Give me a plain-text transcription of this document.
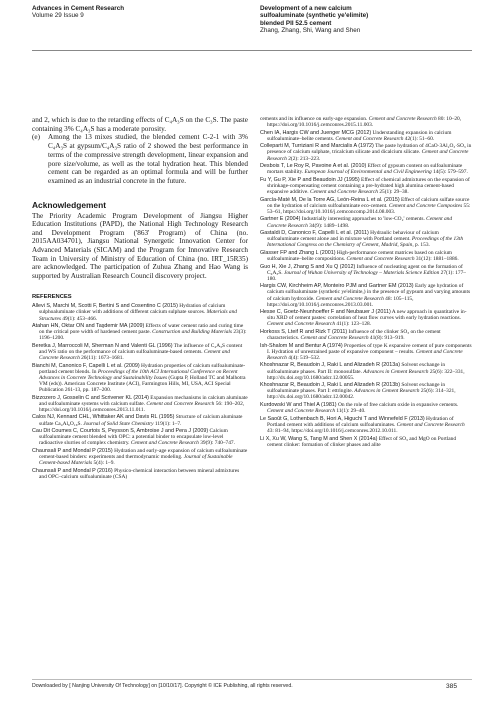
Advances in Cement Research
Volume 29 Issue 9
Development of a new calcium
sulfoaluminate (synthetic ye'elimite)
blended PII 52.5 cement
Zhang, Zhang, Shi, Wang and Shen

and 2, which is due to the retarding effects of C₄A₃S on the C₃S. The paste containing 3% C₄A₃S has a moderate porosity.

(e)	Among the 13 mixes studied, the blended cement C-2-1 with 3% C₄A₃S at gypsum/C₄A₃S ratio of 2 showed the best performance in terms of the compressive strength development, linear expansion and pore size/volume, as well as the total hydration heat. This blended cement can be regarded as an optimal formula and will be further examined as an industrial concrete in the future.
Acknowledgement

The Priority Academic Program Development of Jiangsu Higher Education Institutions (PAPD), the National High Technology Research and Development Program ('863' Program) of China (no. 2015AA034701), Jiangsu National Synergetic Innovation Center for Advanced Materials (SICAM) and the Program for Innovative Research Team in University of Ministry of Education of China (no. IRT_15R35) are acknowledged. The participation of Zuhua Zhang and Hao Wang is supported by Australian Research Council discovery project.

REFERENCES

Allevi S, Marchi M, Scotti F, Bertini S and Cosentino C (2015) Hydration of calcium sulphoaluminate clinker with additions of different calcium sulphate sources. Materials and Structures 49(1): 453–466.

Atahan HN, Oktar ON and Taşdemir MA (2009) Effects of water cement ratio and curing time on the critical pore width of hardened cement paste. Construction and Building Materials 23(3): 1196–1200.

Beretka J, Marroccoli M, Sherman N and Valenti GL (1996) The influence of C₄A₃S content and WS ratio on the performance of calcium sulfoaluminate-based cements. Cement and Concrete Research 26(11): 1673–1681.

Bianchi M, Canonico F, Capelli L et al. (2009) Hydration properties of calcium sulfoaluminate-portland cement blends. In Proceedings of the 10th ACI International Conference on Recent Advances in Concrete Technology and Sustainability Issues (Gupta P, Holland TC and Malhotra VM (eds)). American Concrete Institute (ACI), Farmington Hills, MI, USA, ACI Special Publication 261-13, pp. 187–200.

Bizzozero J, Gosselin C and Scrivener KL (2014) Expansion mechanisms in calcium aluminate and sulfoaluminate systems with calcium sulfate. Cement and Concrete Research 56: 190–202, https://doi.org/10.1016/j.cemconres.2013.11.011.

Calos NJ, Kennard CHL, Whittaker AK and Davis RL (1995) Structure of calcium aluminate sulfate Ca₄Al₆O₁₆S. Journal of Solid State Chemistry 119(1): 1–7.

Cau Dit Coumes C, Courtois S, Peysson S, Ambroise J and Pera J (2009) Calcium sulfoaluminate cement blended with OPC: a potential binder to encapsulate low-level radioactive slurries of complex chemistry. Cement and Concrete Research 39(9): 740–747.

Chaunsali P and Mondal P (2015) Hydration and early-age expansion of calcium sulfoaluminate cement-based binders: experiments and thermodynamic modeling. Journal of Sustainable Cement-based Materials 5(4): 1–9.

Chaunsali P and Mondal P (2016) Physico-chemical interaction between mineral admixtures and OPC–calcium sulfoaluminate (CSA)

cements and its influence on early-age expansion. Cement and Concrete Research 80: 10–20, https://doi.org/10.1016/j.cemconres.2015.11.003.

Chen IA, Hargis CW and Juenger MCG (2012) Understanding expansion in calcium sulfoaluminate–belite cements. Cement and Concrete Research 42(1): 51–60.

Colleparti M, Turriziani R and Marcialis A (1972) The paste hydration of 4CaO·3Al₂O₃·SO₃ in presence of calcium sulphate, tricalcium silicate and dicalcium silicate. Cement and Concrete Research 2(2): 213–223.

Desbois T, Le Roy R, Pavoine A et al. (2010) Effect of gypsum content on sulfoaluminate mortars stability. European Journal of Environmental and Civil Engineering 14(5): 579–597.

Fu Y, Gu P, Xie P and Beaudoin JJ (1995) Effect of chemical admixtures on the expansion of shrinkage-compensating cement containing a pre-hydrated high alumina cement-based expansive additive. Cement and Concrete Research 25(1): 29–38.

García-Maté M, De la Torre AG, León-Reina L et al. (2015) Effect of calcium sulfate source on the hydration of calcium sulfoaluminate eco-cement. Cement and Concrete Composites 55: 53–61, https://doi.org/10.1016/j.cemconcomp.2014.08.003.

Gartner E (2004) Industrially interesting approaches to 'low-CO₂' cements. Cement and Concrete Research 34(9): 1489–1498.

Gastaldi D, Canonico F, Capelli L et al. (2011) Hydraulic behaviour of calcium sulfoaluminate cement alone and in mixture with Portland cement. Proceedings of the 13th International Congress on the Chemistry of Cement, Madrid, Spain, p. 153.

Glasser FP and Zhang L (2001) High-performance cement matrices based on calcium sulfoaluminate–belite compositions. Cement and Concrete Research 31(12): 1881–1886.

Guo H, Xie J, Zhang S and Xu Q (2012) Influence of nucleating agent on the formation of C₄A₃S. Journal of Wuhan University of Technology – Materials Science Edition 27(1): 177–180.

Hargis CW, Kirchheim AP, Monteiro PJM and Gartner EM (2013) Early age hydration of calcium sulfoaluminate (synthetic ye'elimite,) in the presence of gypsum and varying amounts of calcium hydroxide. Cement and Concrete Research 48: 105–115, https://doi.org/10.1016/j.cemconres.2013.03.001.

Hesse C, Goetz-Neunhoeffer F and Neubauer J (2011) A new approach in quantitative in-situ XRD of cement pastes: correlation of heat flow curves with early hydration reactions. Cement and Concrete Research 41(1): 123–128.

Horkoss S, Lteif R and Rizk T (2011) Influence of the clinker SO₃ on the cement characteristics. Cement and Concrete Research 41(8): 913–919.

Ish-Shalom M and Bentur A (1974) Properties of type K expansive cement of pure components I. Hydration of unrestrained paste of expansive component – results. Cement and Concrete Research 4(4): 519–532.

Khoshnazar R, Beaudoin J, Raki L and Alizadeh R (2013a) Solvent exchange in sulfoaluminate phases. Part II: monosulfate. Advances in Cement Research 25(6): 322–331, http://dx.doi.org/10.1680/adcr.12.00055.

Khoshnazar R, Beaudoin J, Raki L and Alizadeh R (2013b) Solvent exchange in sulfoaluminate phases. Part I: ettringite. Advances in Cement Research 25(6): 314–321, http://dx.doi.org/10.1680/adcr.12.00042.

Kurdowski W and Thiel A (1981) On the role of free calcium oxide in expansive cements. Cement and Concrete Research 11(1): 29–40.

Le Saoût G, Lothenbach B, Hori A, Higuchi T and Winnefeld F (2013) Hydration of Portland cement with additions of calcium sulfoaluminates. Cement and Concrete Research 43: 81–94, https://doi.org/10.1016/j.cemconres.2012.10.011.

Li X, Xu W, Wang S, Tang M and Shen X (2014a) Effect of SO₃ and MgO on Portland cement clinker: formation of clinker phases and alite

Downloaded by [ Nanjing University Of Technology] on [10/10/17]. Copyright © ICE Publishing, all rights reserved.	385
